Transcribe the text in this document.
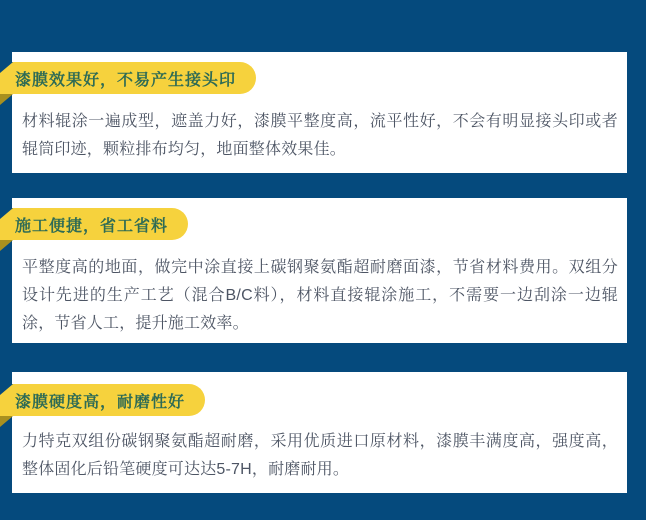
漆膜效果好，不易产生接头印

材料辊涂一遍成型，遮盖力好，漆膜平整度高，流平性好，不会有明显接头印或者辊筒印迹，颗粒排布均匀，地面整体效果佳。

施工便捷，省工省料

平整度高的地面，做完中涂直接上碳钢聚氨酯超耐磨面漆，节省材料费用。双组分设计先进的生产工艺（混合B/C料），材料直接辊涂施工，不需要一边刮涂一边辊涂，节省人工，提升施工效率。

漆膜硬度高，耐磨性好

力特克双组份碳钢聚氨酯超耐磨，采用优质进口原材料，漆膜丰满度高，强度高，整体固化后铅笔硬度可达达5-7H，耐磨耐用。
